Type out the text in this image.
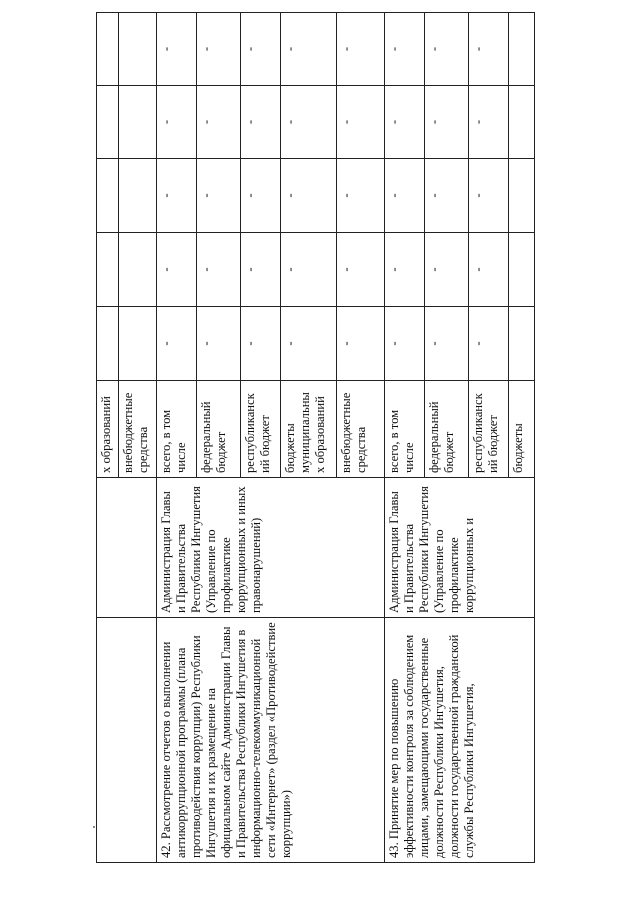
		х образований					
		внебюджетные средства					
42. Рассмотрение отчетов о выполнении антикоррупционной программы (плана противодействия коррупции) Республики Ингушетия и их размещение на официальном сайте Администрации Главы и Правительства Республики Ингушетия в информационно-телекоммуникационной сети «Интернет» (раздел «Противодействие коррупции»)	Администрация Главы и Правительства Республики Ингушетия (Управление по профилактике коррупционных и иных правонарушений)	всего, в том числе	-	-	-	-	-
		федеральный бюджет	-	-	-	-	-
		республиканск ий бюджет	-	-	-	-	-
		бюджеты муниципальны х образований	-	-	-	-	-
		внебюджетные средства	-	-	-	-	-
43. Принятие мер по повышению эффективности контроля за соблюдением лицами, замещающими государственные должности Республики Ингушетия, должности государственной гражданской службы Республики Ингушетия,	Администрация Главы и Правительства Республики Ингушетия (Управление по профилактике коррупционных и	всего, в том числе	-	-	-	-	-
		федеральный бюджет	-	-	-	-	-
		республиканск ий бюджет	-	-	-	-	-
		бюджеты					
